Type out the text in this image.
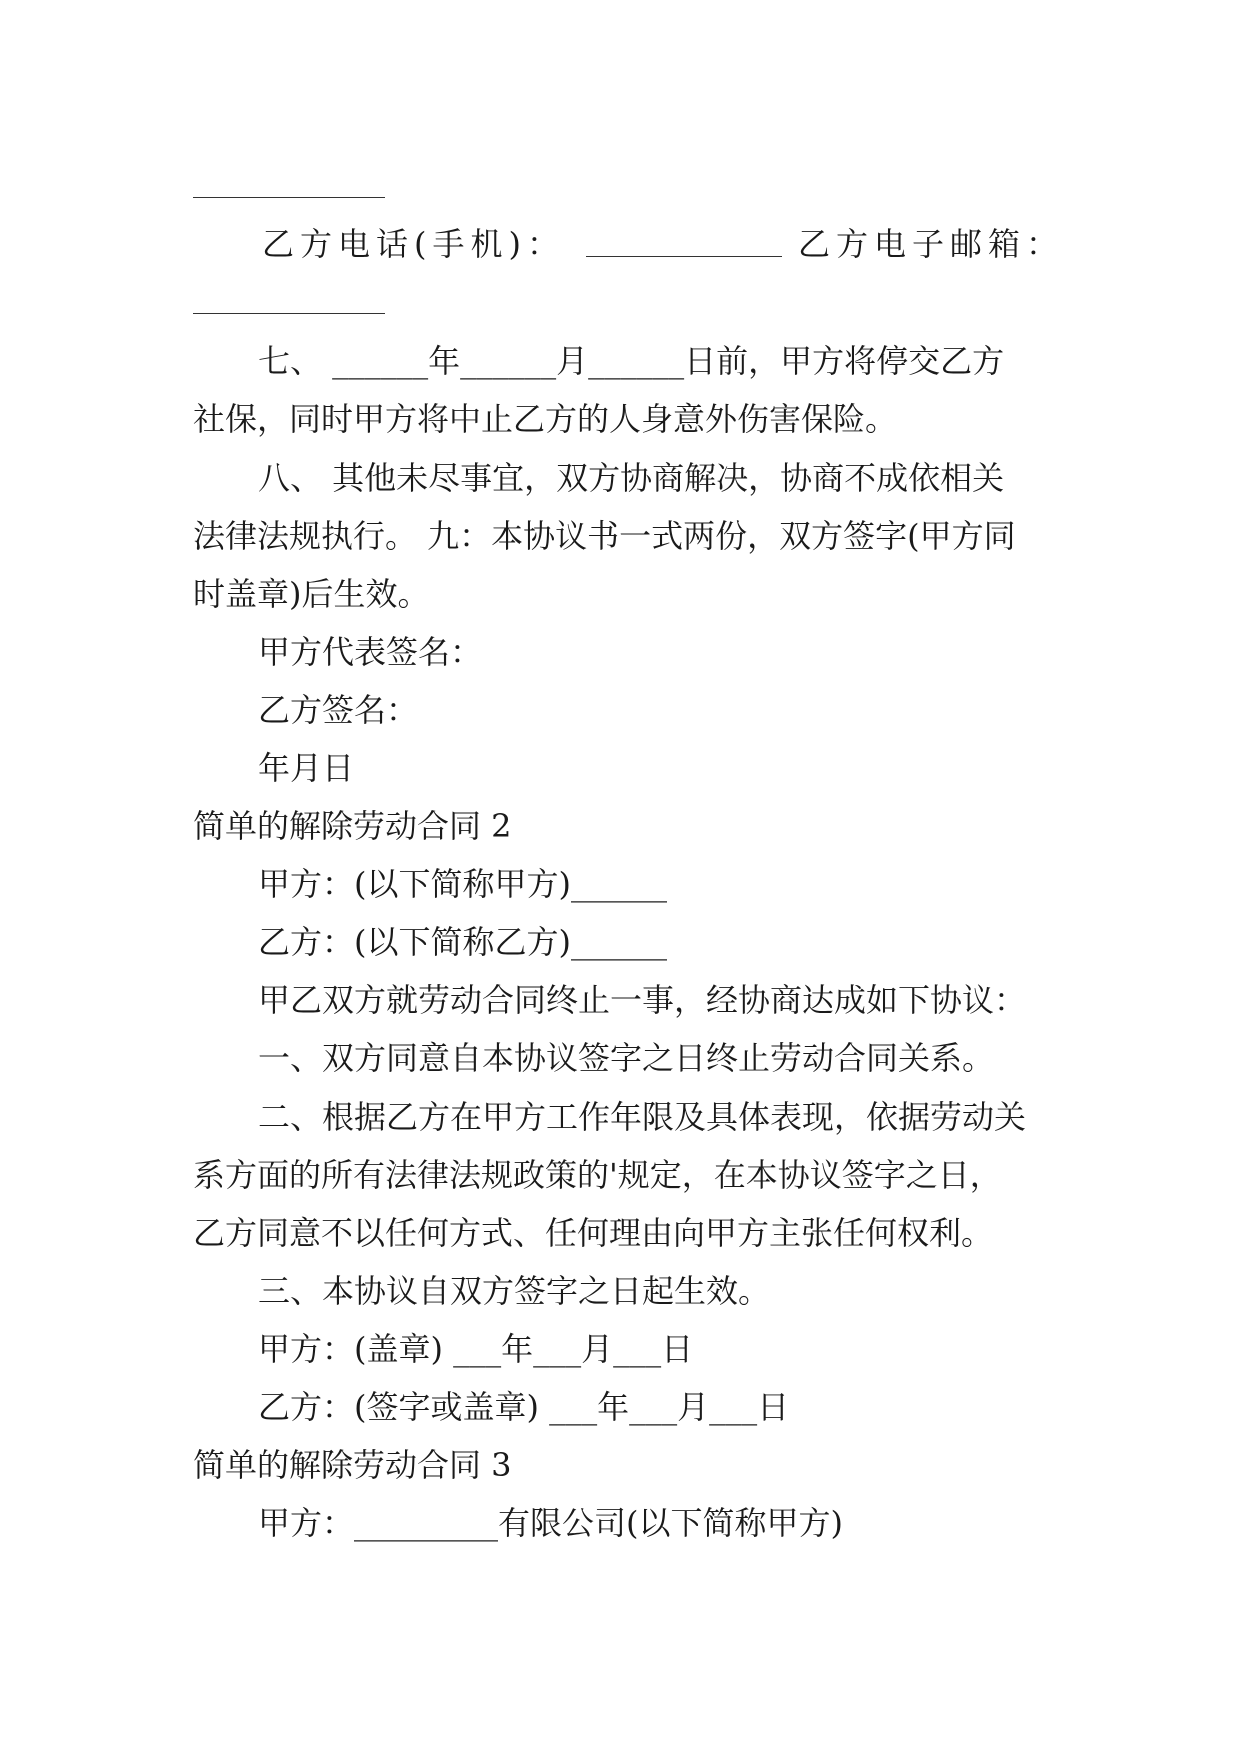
乙方电话(手机)：	乙方电子邮箱：
七、 ______年______月______日前，甲方将停交乙方
社保，同时甲方将中止乙方的人身意外伤害保险。
八、 其他未尽事宜，双方协商解决，协商不成依相关
法律法规执行。 九：本协议书一式两份，双方签字(甲方同
时盖章)后生效。
甲方代表签名：
乙方签名：
年月日
简单的解除劳动合同 2
甲方：(以下简称甲方)______
乙方：(以下简称乙方)______
甲乙双方就劳动合同终止一事，经协商达成如下协议：
一、双方同意自本协议签字之日终止劳动合同关系。
二、根据乙方在甲方工作年限及具体表现，依据劳动关
系方面的所有法律法规政策的'规定，在本协议签字之日，
乙方同意不以任何方式、任何理由向甲方主张任何权利。
三、本协议自双方签字之日起生效。
甲方：(盖章) ___年___月___日
乙方：(签字或盖章) ___年___月___日
简单的解除劳动合同 3
甲方：_________有限公司(以下简称甲方)
